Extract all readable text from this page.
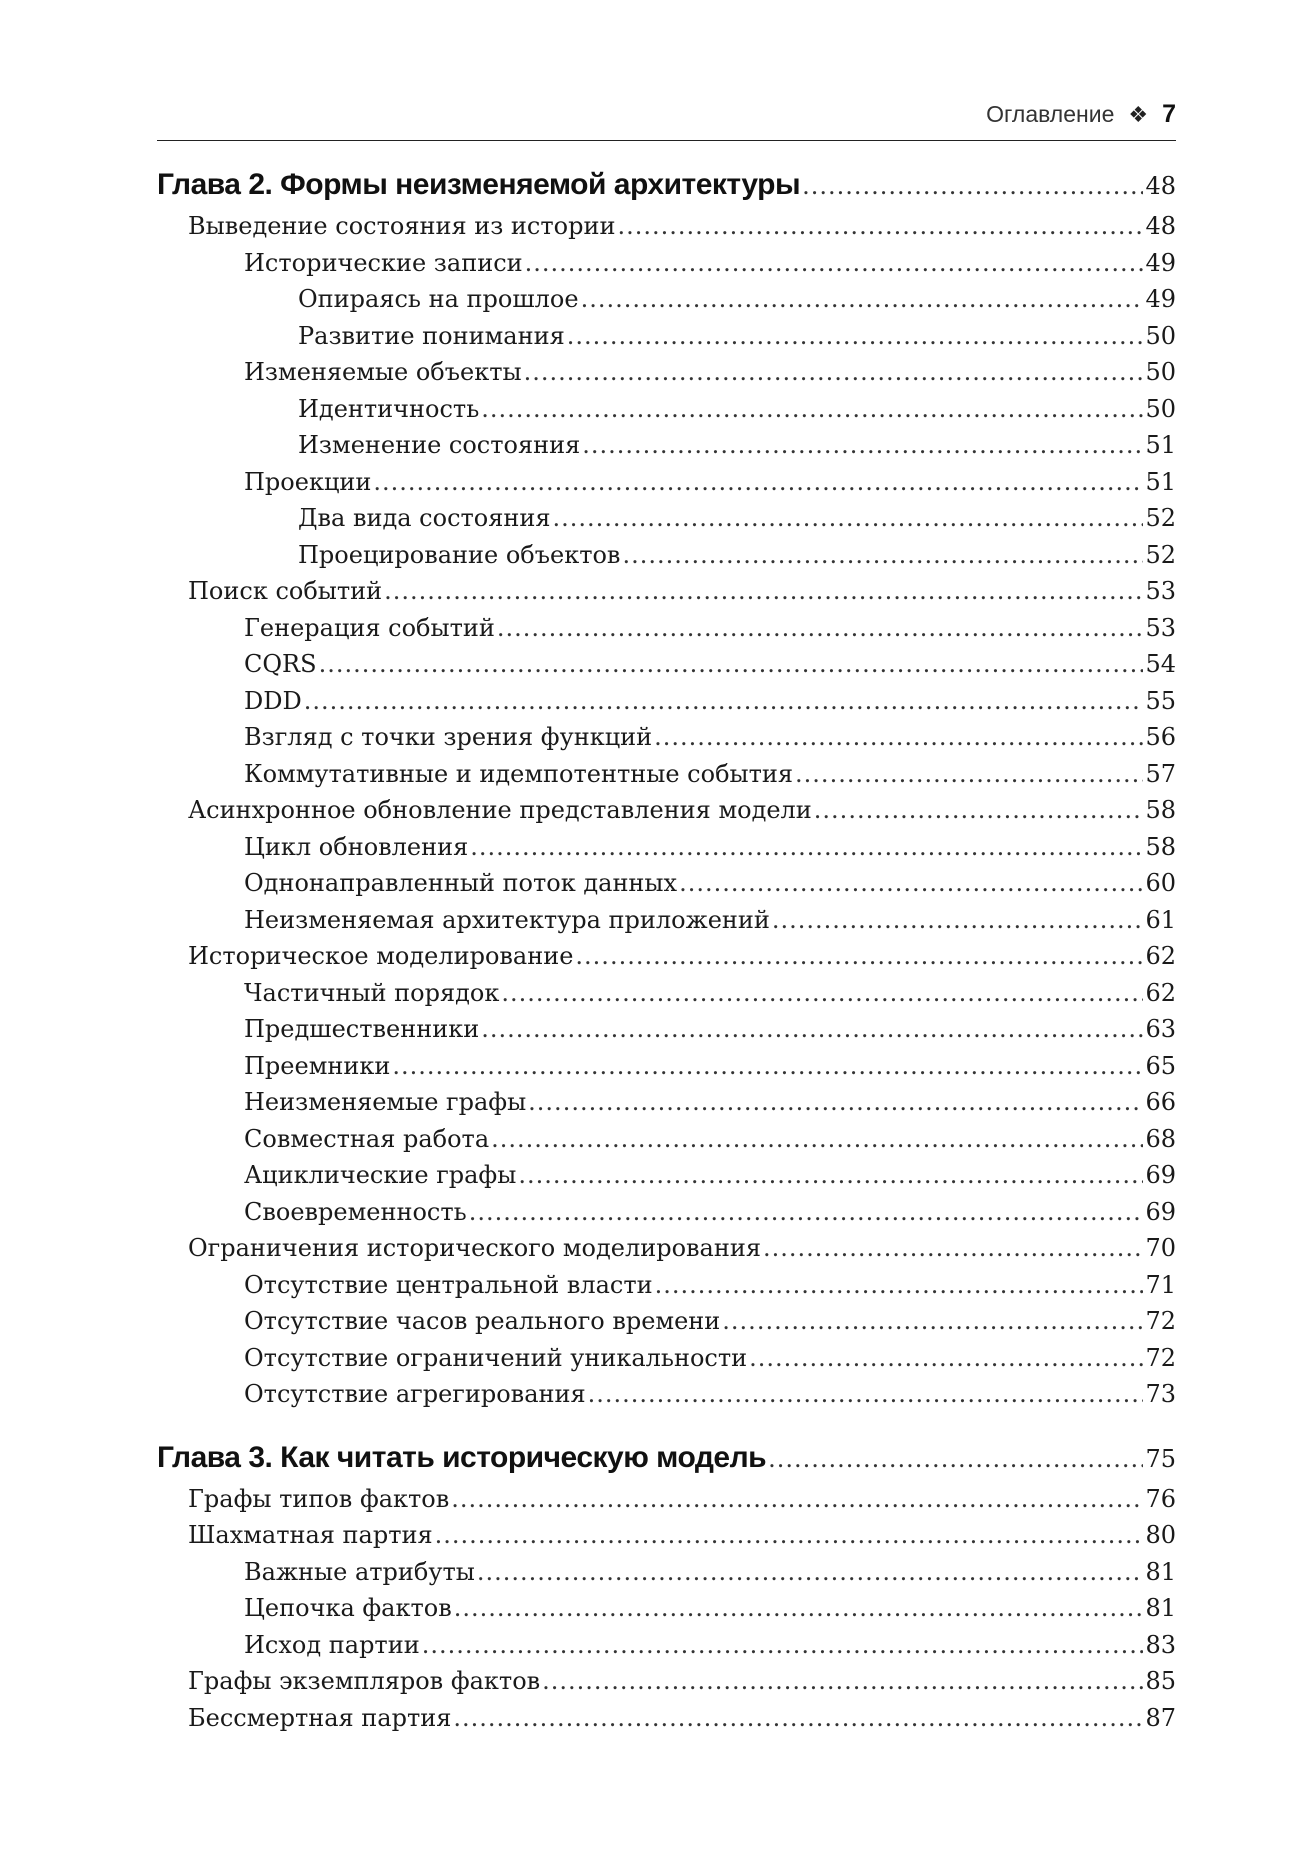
Оглавление ❖ 7
Глава 2. Формы неизменяемой архитектуры .....	48
Выведение состояния из истории .....	48
Исторические записи .....	49
Опираясь на прошлое .....	49
Развитие понимания .....	50
Изменяемые объекты .....	50
Идентичность .....	50
Изменение состояния .....	51
Проекции .....	51
Два вида состояния .....	52
Проецирование объектов .....	52
Поиск событий .....	53
Генерация событий .....	53
CQRS .....	54
DDD .....	55
Взгляд с точки зрения функций .....	56
Коммутативные и идемпотентные события .....	57
Асинхронное обновление представления модели .....	58
Цикл обновления .....	58
Однонаправленный поток данных .....	60
Неизменяемая архитектура приложений .....	61
Историческое моделирование .....	62
Частичный порядок .....	62
Предшественники .....	63
Преемники .....	65
Неизменяемые графы .....	66
Совместная работа .....	68
Ациклические графы .....	69
Своевременность .....	69
Ограничения исторического моделирования .....	70
Отсутствие центральной власти .....	71
Отсутствие часов реального времени .....	72
Отсутствие ограничений уникальности .....	72
Отсутствие агрегирования .....	73
Глава 3. Как читать историческую модель .....	75
Графы типов фактов .....	76
Шахматная партия .....	80
Важные атрибуты .....	81
Цепочка фактов .....	81
Исход партии .....	83
Графы экземпляров фактов .....	85
Бессмертная партия .....	87
